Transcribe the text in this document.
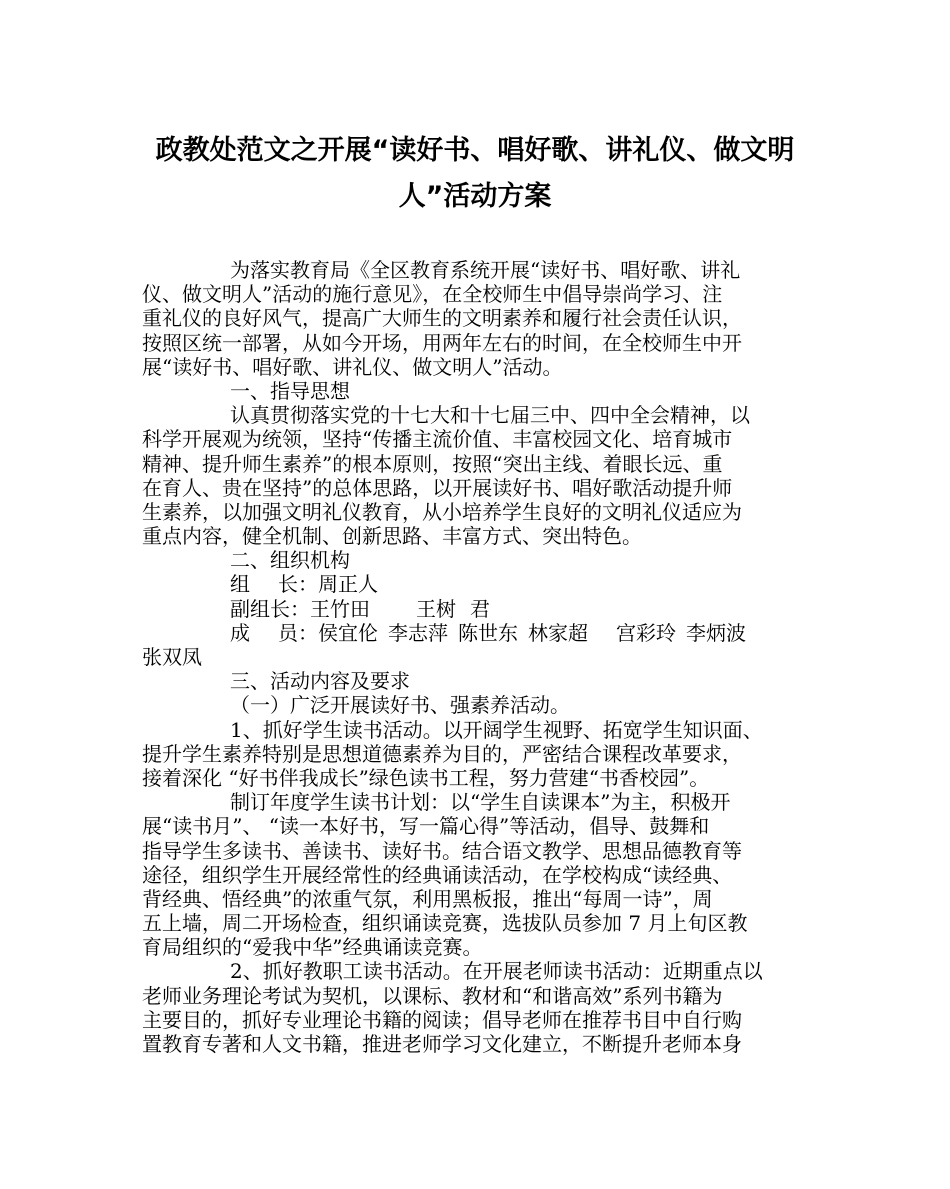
政教处范文之开展“读好书、唱好歌、讲礼仪、做文明
人”活动方案
为落实教育局《全区教育系统开展“读好书、唱好歌、讲礼
仪、做文明人”活动的施行意见》，在全校师生中倡导崇尚学习、注
重礼仪的良好风气，提高广大师生的文明素养和履行社会责任认识，
按照区统一部署，从如今开场，用两年左右的时间，在全校师生中开
展“读好书、唱好歌、讲礼仪、做文明人”活动。
一、指导思想
认真贯彻落实党的十七大和十七届三中、四中全会精神，以
科学开展观为统领，坚持“传播主流价值、丰富校园文化、培育城市
精神、提升师生素养”的根本原则，按照“突出主线、着眼长远、重
在育人、贵在坚持”的总体思路，以开展读好书、唱好歌活动提升师
生素养，以加强文明礼仪教育，从小培养学生良好的文明礼仪适应为
重点内容，健全机制、创新思路、丰富方式、突出特色。
二、组织机构
组 长：周正人
副组长：王竹田 王树 君
成 员：侯宜伦 李志萍 陈世东 林家超 宫彩玲 李炳波
张双凤
三、活动内容及要求
（一）广泛开展读好书、强素养活动。
1、抓好学生读书活动。以开阔学生视野、拓宽学生知识面、
提升学生素养特别是思想道德素养为目的，严密结合课程改革要求，
接着深化 “好书伴我成长”绿色读书工程，努力营建“书香校园”。
制订年度学生读书计划：以“学生自读课本”为主，积极开
展“读书月”、 “读一本好书，写一篇心得”等活动，倡导、鼓舞和
指导学生多读书、善读书、读好书。结合语文教学、思想品德教育等
途径，组织学生开展经常性的经典诵读活动，在学校构成“读经典、
背经典、悟经典”的浓重气氛，利用黑板报，推出“每周一诗”，周
五上墙，周二开场检查，组织诵读竞赛，选拔队员参加 7 月上旬区教
育局组织的“爱我中华”经典诵读竞赛。
2、抓好教职工读书活动。在开展老师读书活动：近期重点以
老师业务理论考试为契机，以课标、教材和“和谐高效”系列书籍为
主要目的，抓好专业理论书籍的阅读；倡导老师在推荐书目中自行购
置教育专著和人文书籍，推进老师学习文化建立，不断提升老师本身
